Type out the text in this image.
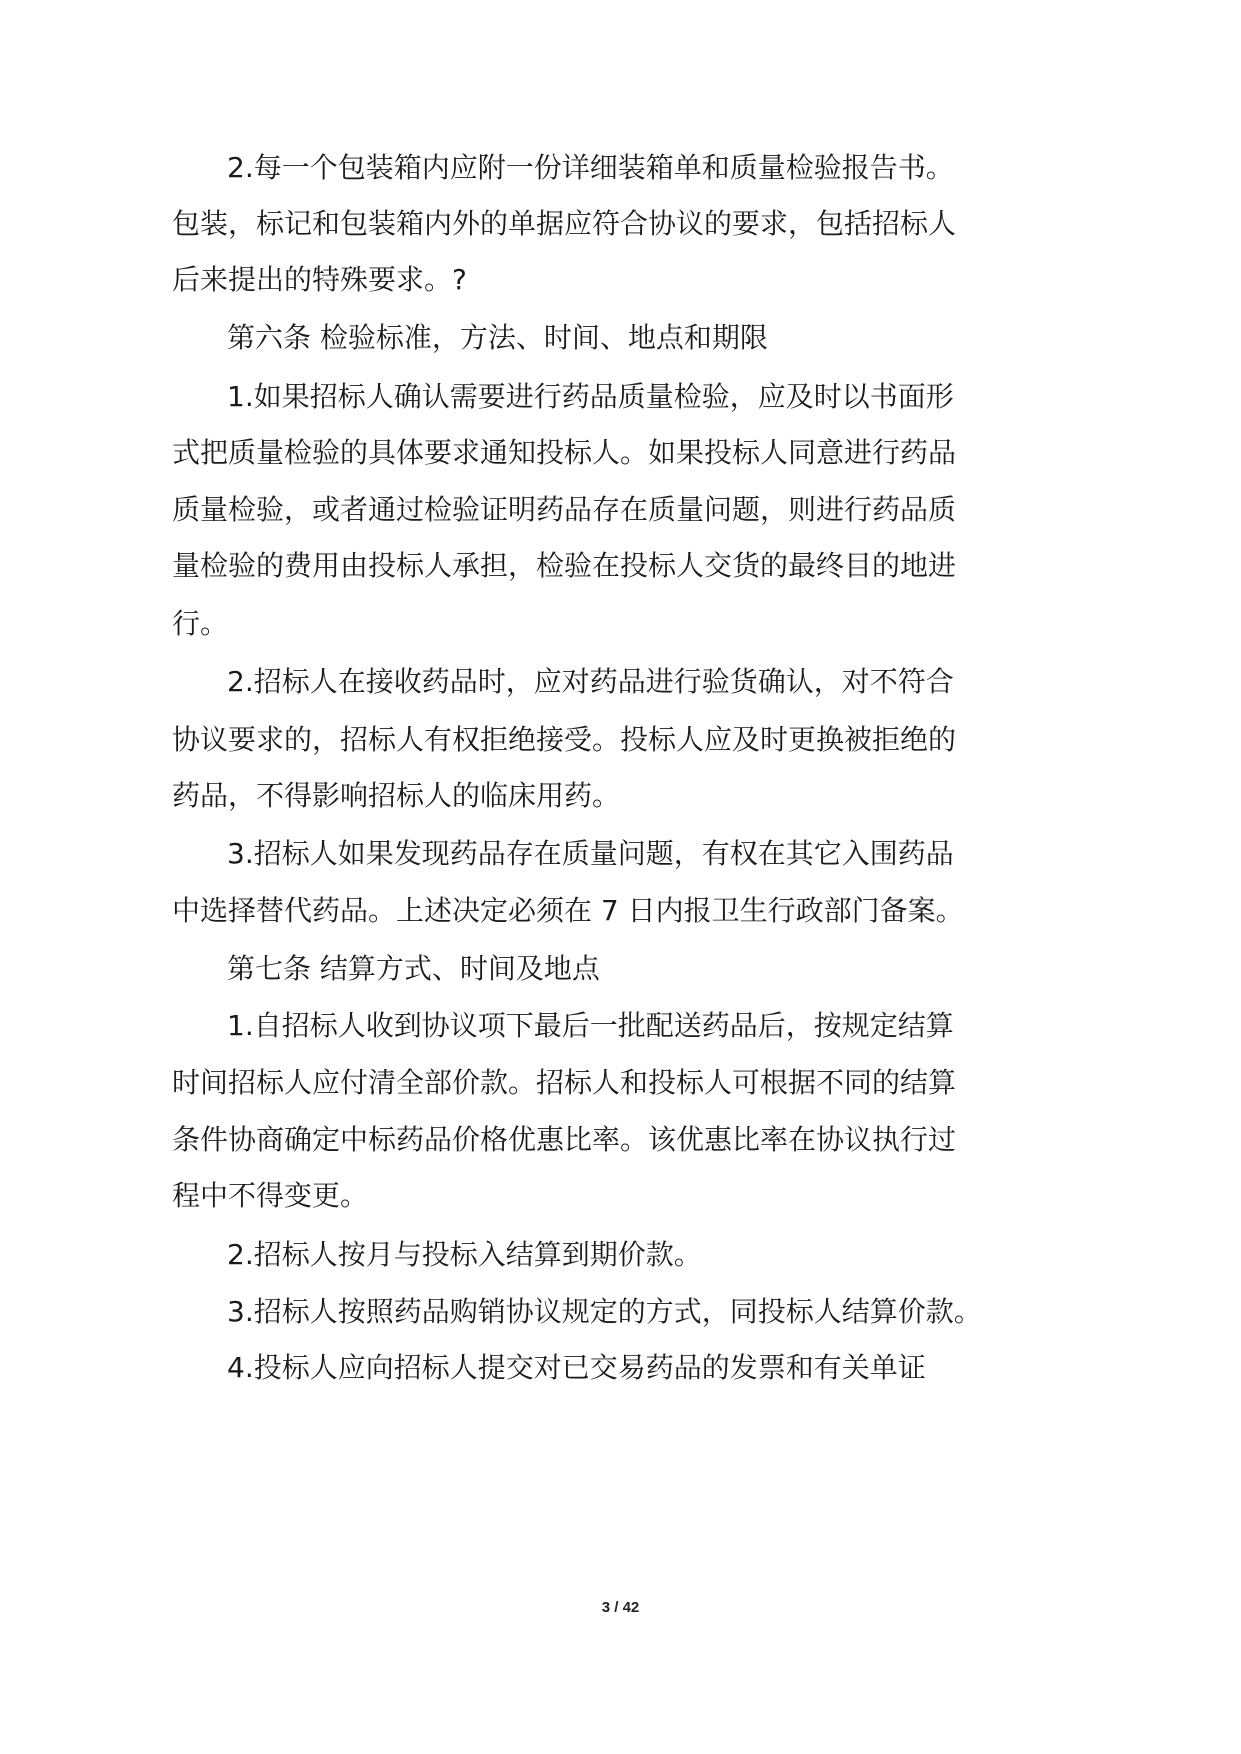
2.每一个包装箱内应附一份详细装箱单和质量检验报告书。
包装，标记和包装箱内外的单据应符合协议的要求，包括招标人
后来提出的特殊要求。?
第六条 检验标准，方法、时间、地点和期限
1.如果招标人确认需要进行药品质量检验，应及时以书面形
式把质量检验的具体要求通知投标人。如果投标人同意进行药品
质量检验，或者通过检验证明药品存在质量问题，则进行药品质
量检验的费用由投标人承担，检验在投标人交货的最终目的地进
行。
2.招标人在接收药品时，应对药品进行验货确认，对不符合
协议要求的，招标人有权拒绝接受。投标人应及时更换被拒绝的
药品，不得影响招标人的临床用药。
3.招标人如果发现药品存在质量问题，有权在其它入围药品
中选择替代药品。上述决定必须在 7 日内报卫生行政部门备案。
第七条 结算方式、时间及地点
1.自招标人收到协议项下最后一批配送药品后，按规定结算
时间招标人应付清全部价款。招标人和投标人可根据不同的结算
条件协商确定中标药品价格优惠比率。该优惠比率在协议执行过
程中不得变更。
2.招标人按月与投标入结算到期价款。
3.招标人按照药品购销协议规定的方式，同投标人结算价款。
4.投标人应向招标人提交对已交易药品的发票和有关单证
3 / 42
